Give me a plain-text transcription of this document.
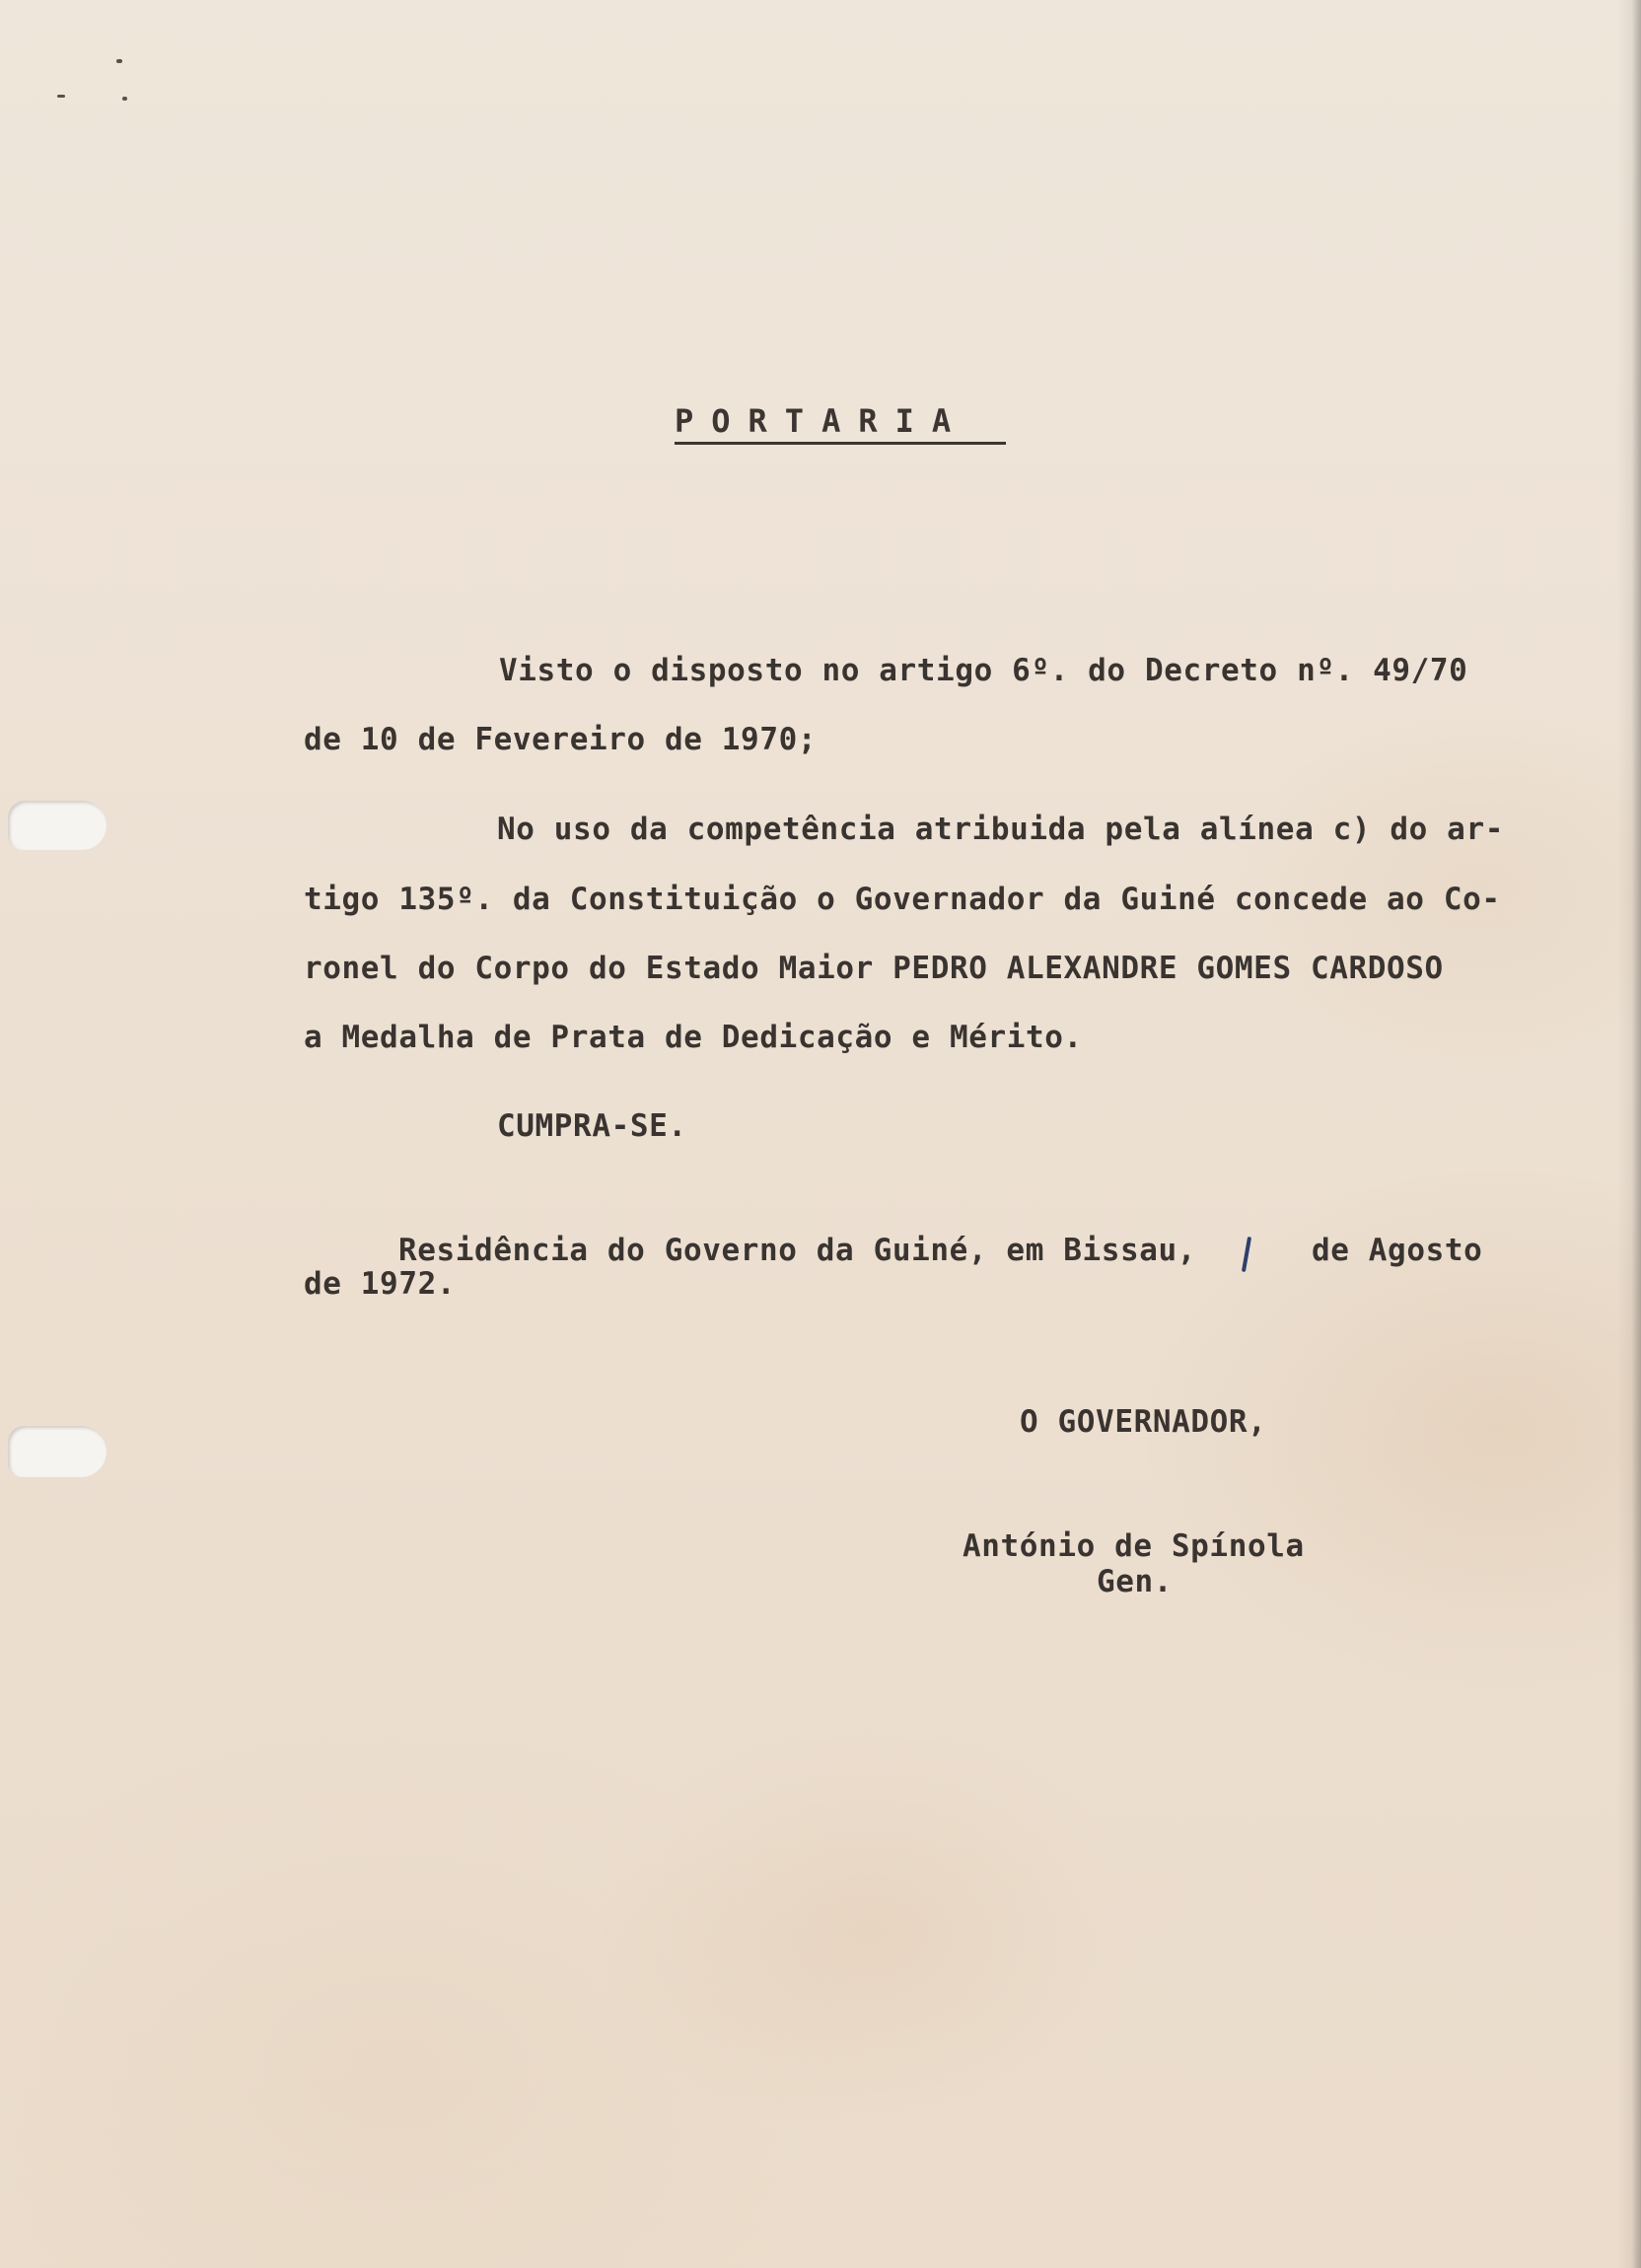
PORTARIA
Visto o disposto no artigo 6º. do Decreto nº. 49/70
de 10 de Fevereiro de 1970;
No uso da competência atribuida pela alínea c) do ar-
tigo 135º. da Constituição o Governador da Guiné concede ao Co-
ronel do Corpo do Estado Maior PEDRO ALEXANDRE GOMES CARDOSO
a Medalha de Prata de Dedicação e Mérito.
CUMPRA-SE.
Residência do Governo da Guiné, em Bissau,	de Agosto
de 1972.
O GOVERNADOR,
António de Spínola
Gen.
